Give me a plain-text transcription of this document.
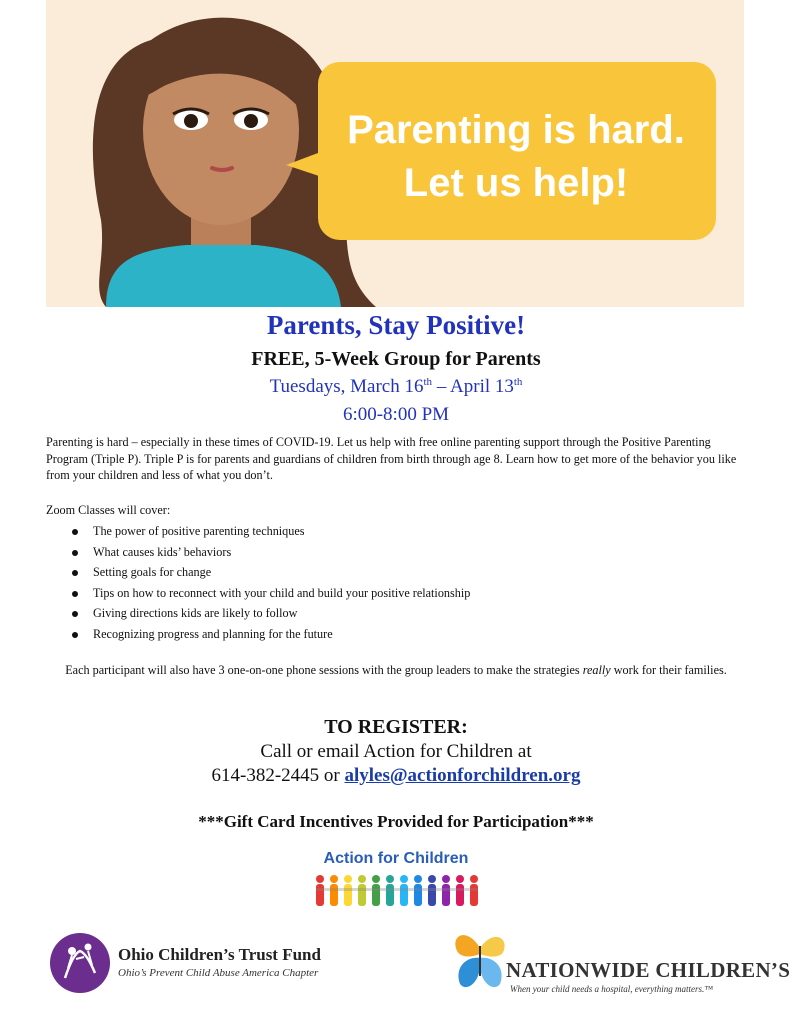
Parenting is hard.
Let us help!
Parents, Stay Positive!
FREE, 5-Week Group for Parents
Tuesdays, March 16th – April 13th
6:00-8:00 PM

Parenting is hard – especially in these times of COVID-19. Let us help with free online parenting support through the Positive Parenting Program (Triple P). Triple P is for parents and guardians of children from birth through age 8. Learn how to get more of the behavior you like from your children and less of what you don’t.

Zoom Classes will cover:
The power of positive parenting techniques
What causes kids’ behaviors
Setting goals for change
Tips on how to reconnect with your child and build your positive relationship
Giving directions kids are likely to follow
Recognizing progress and planning for the future

Each participant will also have 3 one-on-one phone sessions with the group leaders to make the strategies really work for their families.

TO REGISTER:
Call or email Action for Children at
614-382-2445 or alyles@actionforchildren.org
***Gift Card Incentives Provided for Participation***
Action for Children
Ohio Children’s Trust Fund
Ohio’s Prevent Child Abuse America Chapter	NATIONWIDE CHILDREN’S
When your child needs a hospital, everything matters.™
